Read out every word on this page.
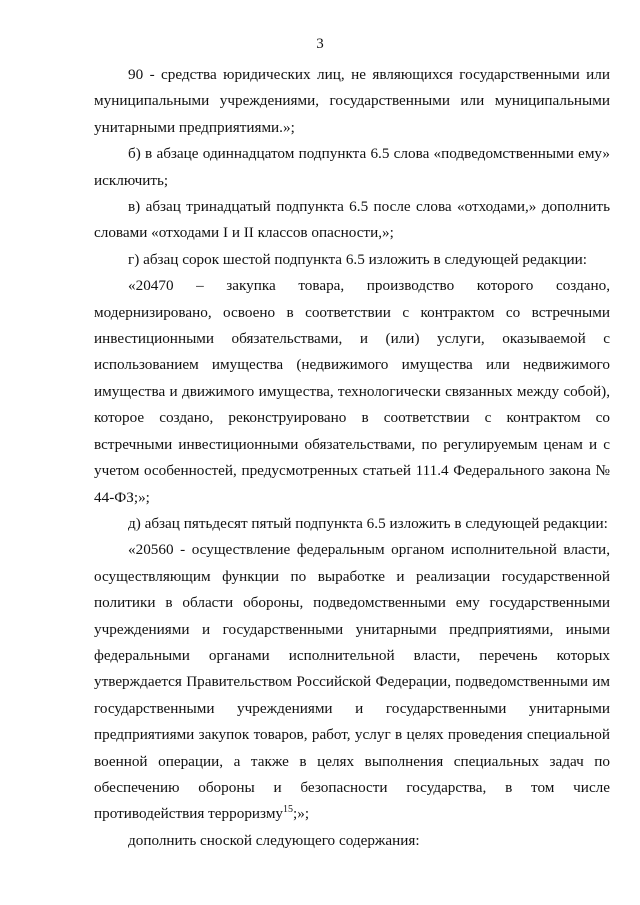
3

90 - средства юридических лиц, не являющихся государственными или муниципальными учреждениями, государственными или муниципальными унитарными предприятиями.»;

б) в абзаце одиннадцатом подпункта 6.5 слова «подведомственными ему» исключить;

в) абзац тринадцатый подпункта 6.5 после слова «отходами,» дополнить словами «отходами I и II классов опасности,»;

г) абзац сорок шестой подпункта 6.5 изложить в следующей редакции:

«20470 – закупка товара, производство которого создано, модернизировано, освоено в соответствии с контрактом со встречными инвестиционными обязательствами, и (или) услуги, оказываемой с использованием имущества (недвижимого имущества или недвижимого имущества и движимого имущества, технологически связанных между собой), которое создано, реконструировано в соответствии с контрактом со встречными инвестиционными обязательствами, по регулируемым ценам и с учетом особенностей, предусмотренных статьей 111.4 Федерального закона № 44-ФЗ;»;

д) абзац пятьдесят пятый подпункта 6.5 изложить в следующей редакции:

«20560 - осуществление федеральным органом исполнительной власти, осуществляющим функции по выработке и реализации государственной политики в области обороны, подведомственными ему государственными учреждениями и государственными унитарными предприятиями, иными федеральными органами исполнительной власти, перечень которых утверждается Правительством Российской Федерации, подведомственными им государственными учреждениями и государственными унитарными предприятиями закупок товаров, работ, услуг в целях проведения специальной военной операции, а также в целях выполнения специальных задач по обеспечению обороны и безопасности государства, в том числе противодействия терроризму$^{15}$;»;

дополнить сноской следующего содержания:
